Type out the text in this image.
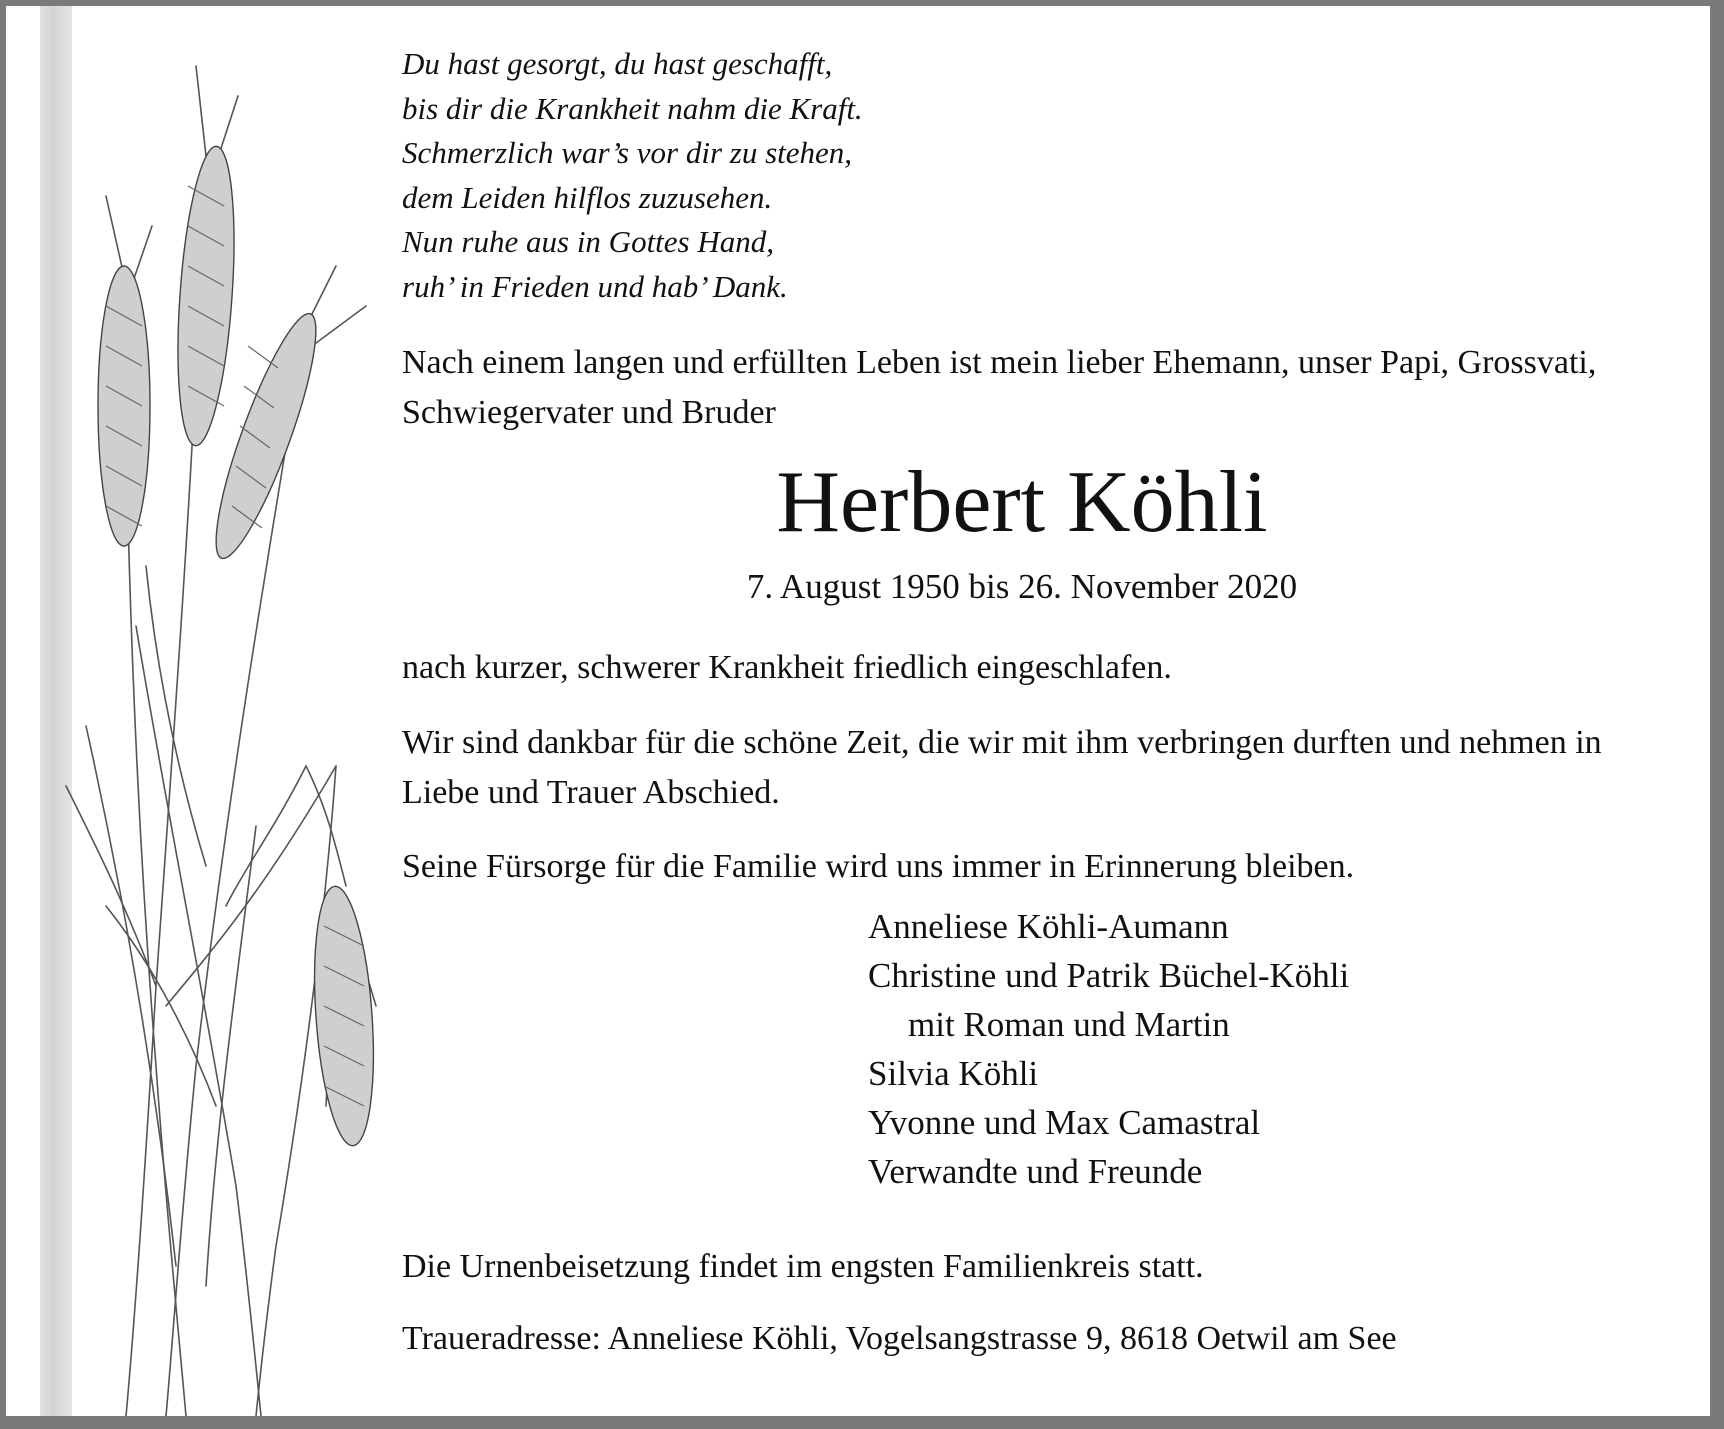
Du hast gesorgt, du hast geschafft,
bis dir die Krankheit nahm die Kraft.
Schmerzlich war’s vor dir zu stehen,
dem Leiden hilflos zuzusehen.
Nun ruhe aus in Gottes Hand,
ruh’ in Frieden und hab’ Dank.

Nach einem langen und erfüllten Leben ist mein lieber Ehemann, unser Papi, Grossvati, Schwiegervater und Bruder

Herbert Köhli

7. August 1950 bis 26. November 2020

nach kurzer, schwerer Krankheit friedlich eingeschlafen.

Wir sind dankbar für die schöne Zeit, die wir mit ihm verbringen durften und nehmen in Liebe und Trauer Abschied.

Seine Fürsorge für die Familie wird uns immer in Erinnerung bleiben.

Anneliese Köhli-Aumann
Christine und Patrik Büchel-Köhli
mit Roman und Martin
Silvia Köhli
Yvonne und Max Camastral
Verwandte und Freunde

Die Urnenbeisetzung findet im engsten Familienkreis statt.

Traueradresse: Anneliese Köhli, Vogelsangstrasse 9, 8618 Oetwil am See
